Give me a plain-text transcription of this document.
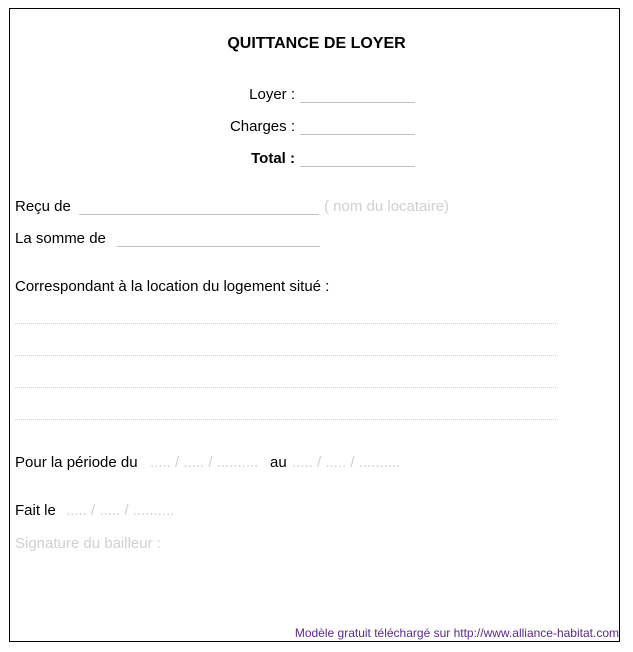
QUITTANCE DE LOYER
Loyer :
Charges :
Total :
Reçu de	( nom du locataire)
La somme de
Correspondant à la location du logement situé :
Pour la période du ..... / ..... / .......... au ..... / ..... / ..........
Fait le ..... / ..... / ..........
Signature du bailleur :
Modèle gratuit téléchargé sur http://www.alliance-habitat.com
